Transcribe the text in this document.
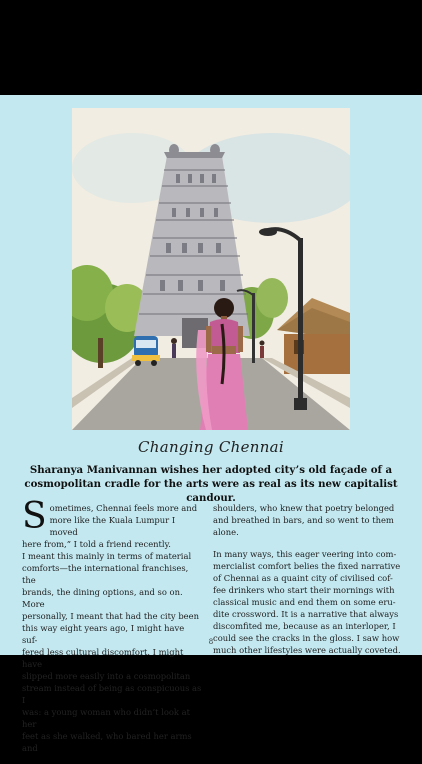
Changing Chennai
Sharanya Manivannan wishes her adopted city’s old façade of a cosmopolitan cradle for the arts were as real as its new capitalist candour.

Sometimes, Chennai feels more and
more like the Kuala Lumpur I moved
here from,” I told a friend recently.
I meant this mainly in terms of material
comforts—the international franchises, the
brands, the dining options, and so on. More
personally, I meant that had the city been
this way eight years ago, I might have suf-
fered less cultural discomfort. I might have
slipped more easily into a cosmopolitan
stream instead of being as conspicuous as I
was: a young woman who didn’t look at her
feet as she walked, who bared her arms and

shoulders, who knew that poetry belonged
and breathed in bars, and so went to them
alone.

In many ways, this eager veering into com-
mercialist comfort belies the fixed narrative
of Chennai as a quaint city of civilised cof-
fee drinkers who start their mornings with
classical music and end them on some eru-
dite crossword. It is a narrative that always
discomfited me, because as an interloper, I
could see the cracks in the gloss. I saw how
much other lifestyles were actually coveted.

8
